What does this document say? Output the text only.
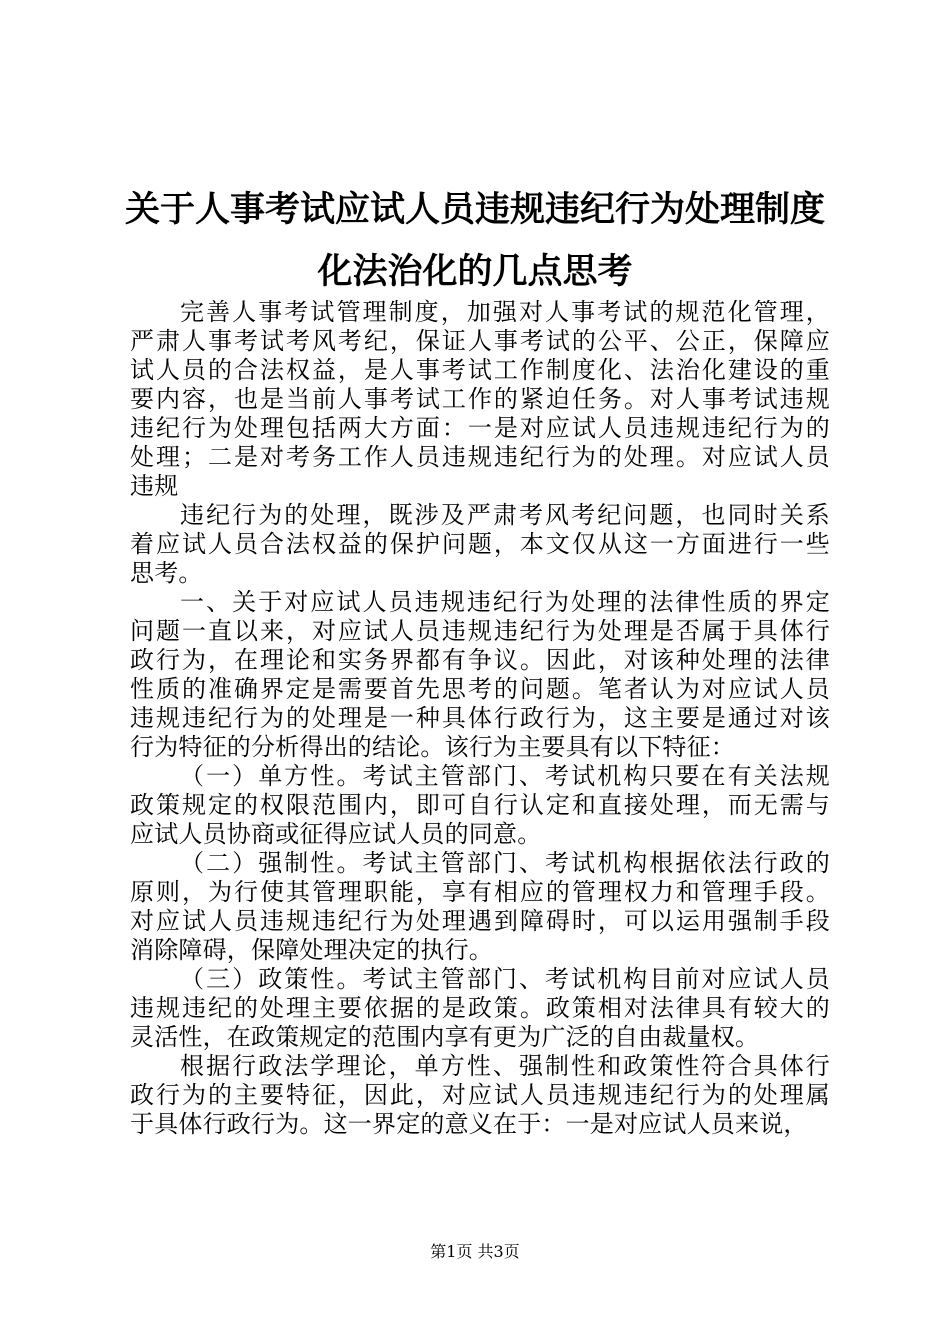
关于人事考试应试人员违规违纪行为处理制度
化法治化的几点思考

完善人事考试管理制度，加强对人事考试的规范化管理，
严肃人事考试考风考纪，保证人事考试的公平、公正，保障应
试人员的合法权益，是人事考试工作制度化、法治化建设的重
要内容，也是当前人事考试工作的紧迫任务。对人事考试违规
违纪行为处理包括两大方面：一是对应试人员违规违纪行为的
处理；二是对考务工作人员违规违纪行为的处理。对应试人员
违规

违纪行为的处理，既涉及严肃考风考纪问题，也同时关系
着应试人员合法权益的保护问题，本文仅从这一方面进行一些
思考。

一、关于对应试人员违规违纪行为处理的法律性质的界定
问题一直以来，对应试人员违规违纪行为处理是否属于具体行
政行为，在理论和实务界都有争议。因此，对该种处理的法律
性质的准确界定是需要首先思考的问题。笔者认为对应试人员
违规违纪行为的处理是一种具体行政行为，这主要是通过对该
行为特征的分析得出的结论。该行为主要具有以下特征：

（一）单方性。考试主管部门、考试机构只要在有关法规
政策规定的权限范围内，即可自行认定和直接处理，而无需与
应试人员协商或征得应试人员的同意。

（二）强制性。考试主管部门、考试机构根据依法行政的
原则，为行使其管理职能，享有相应的管理权力和管理手段。
对应试人员违规违纪行为处理遇到障碍时，可以运用强制手段
消除障碍，保障处理决定的执行。

（三）政策性。考试主管部门、考试机构目前对应试人员
违规违纪的处理主要依据的是政策。政策相对法律具有较大的
灵活性，在政策规定的范围内享有更为广泛的自由裁量权。

根据行政法学理论，单方性、强制性和政策性符合具体行
政行为的主要特征，因此，对应试人员违规违纪行为的处理属
于具体行政行为。这一界定的意义在于：一是对应试人员来说，

第1页 共3页
